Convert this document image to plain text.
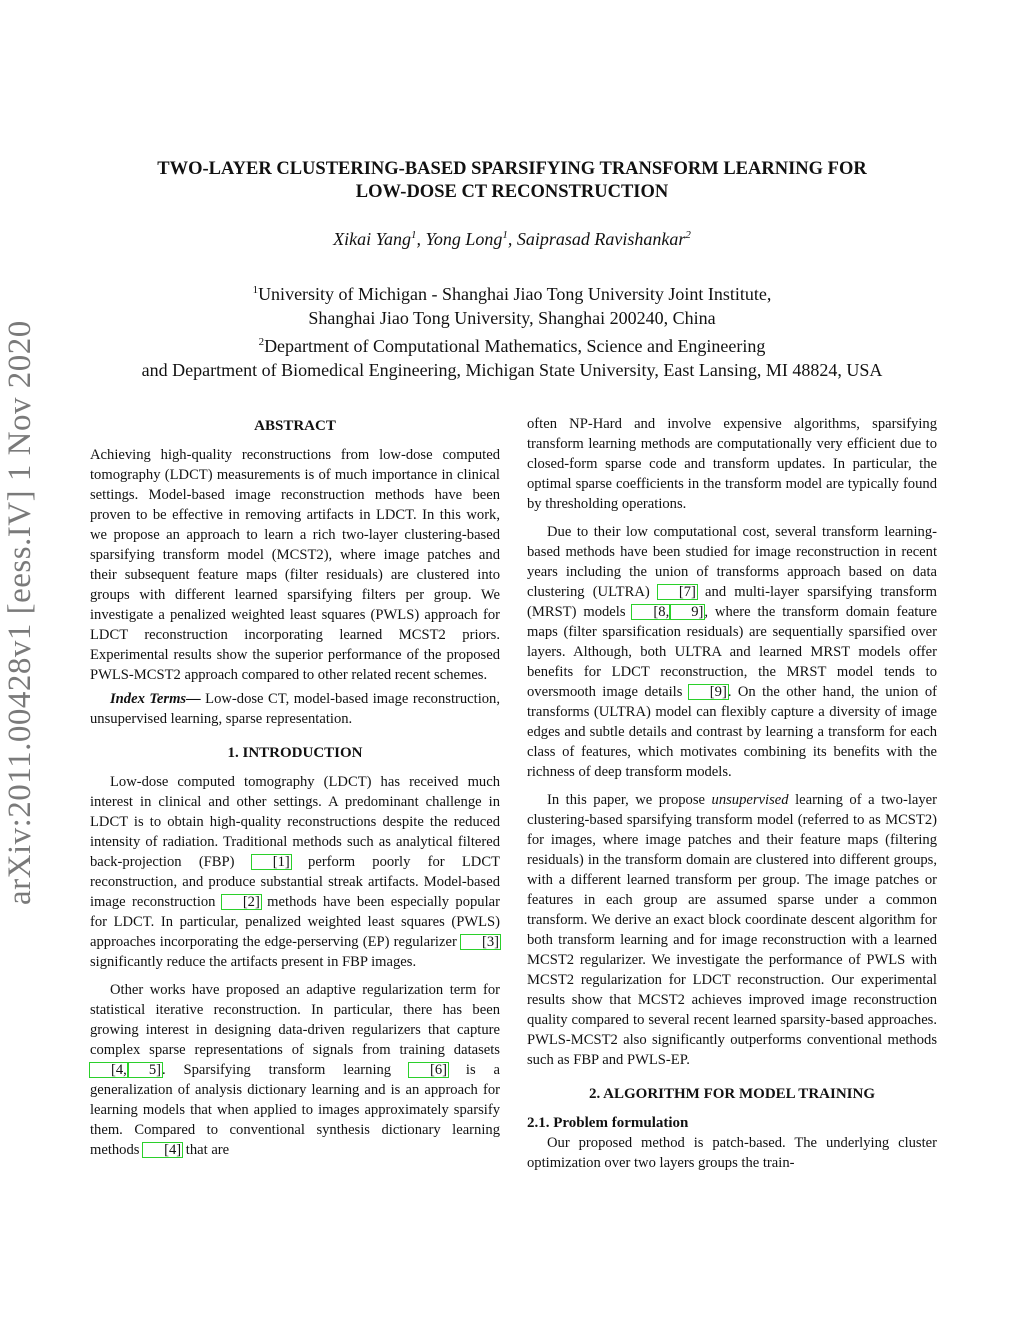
arXiv:2011.00428v1 [eess.IV] 1 Nov 2020
TWO-LAYER CLUSTERING-BASED SPARSIFYING TRANSFORM LEARNING FOR
LOW-DOSE CT RECONSTRUCTION
Xikai Yang$^1$, Yong Long$^1$, Saiprasad Ravishankar$^2$
$^1$University of Michigan - Shanghai Jiao Tong University Joint Institute,
Shanghai Jiao Tong University, Shanghai 200240, China
$^2$Department of Computational Mathematics, Science and Engineering
and Department of Biomedical Engineering, Michigan State University, East Lansing, MI 48824, USA
ABSTRACT

Achieving high-quality reconstructions from low-dose computed tomography (LDCT) measurements is of much importance in clinical settings. Model-based image reconstruction methods have been proven to be effective in removing artifacts in LDCT. In this work, we propose an approach to learn a rich two-layer clustering-based sparsifying transform model (MCST2), where image patches and their subsequent feature maps (filter residuals) are clustered into groups with different learned sparsifying filters per group. We investigate a penalized weighted least squares (PWLS) approach for LDCT reconstruction incorporating learned MCST2 priors. Experimental results show the superior performance of the proposed PWLS-MCST2 approach compared to other related recent schemes.

Index Terms— Low-dose CT, model-based image reconstruction, unsupervised learning, sparse representation.

1. INTRODUCTION

Low-dose computed tomography (LDCT) has received much interest in clinical and other settings. A predominant challenge in LDCT is to obtain high-quality reconstructions despite the reduced intensity of radiation. Traditional methods such as analytical filtered back-projection (FBP) [1] perform poorly for LDCT reconstruction, and produce substantial streak artifacts. Model-based image reconstruction [2] methods have been especially popular for LDCT. In particular, penalized weighted least squares (PWLS) approaches incorporating the edge-perserving (EP) regularizer [3] significantly reduce the artifacts present in FBP images.

Other works have proposed an adaptive regularization term for statistical iterative reconstruction. In particular, there has been growing interest in designing data-driven regularizers that capture complex sparse representations of signals from training datasets [4, 5]. Sparsifying transform learning [6] is a generalization of analysis dictionary learning and is an approach for learning models that when applied to images approximately sparsify them. Compared to conventional synthesis dictionary learning methods [4] that are

often NP-Hard and involve expensive algorithms, sparsifying transform learning methods are computationally very efficient due to closed-form sparse code and transform updates. In particular, the optimal sparse coefficients in the transform model are typically found by thresholding operations.

Due to their low computational cost, several transform learning-based methods have been studied for image reconstruction in recent years including the union of transforms approach based on data clustering (ULTRA) [7] and multi-layer sparsifying transform (MRST) models [8, 9], where the transform domain feature maps (filter sparsification residuals) are sequentially sparsified over layers. Although, both ULTRA and learned MRST models offer benefits for LDCT reconstruction, the MRST model tends to oversmooth image details [9]. On the other hand, the union of transforms (ULTRA) model can flexibly capture a diversity of image edges and subtle details and contrast by learning a transform for each class of features, which motivates combining its benefits with the richness of deep transform models.

In this paper, we propose unsupervised learning of a two-layer clustering-based sparsifying transform model (referred to as MCST2) for images, where image patches and their feature maps (filtering residuals) in the transform domain are clustered into different groups, with a different learned transform per group. The image patches or features in each group are assumed sparse under a common transform. We derive an exact block coordinate descent algorithm for both transform learning and for image reconstruction with a learned MCST2 regularizer. We investigate the performance of PWLS with MCST2 regularization for LDCT reconstruction. Our experimental results show that MCST2 achieves improved image reconstruction quality compared to several recent learned sparsity-based approaches. PWLS-MCST2 also significantly outperforms conventional methods such as FBP and PWLS-EP.

2. ALGORITHM FOR MODEL TRAINING
2.1. Problem formulation

Our proposed method is patch-based. The underlying cluster optimization over two layers groups the train-
